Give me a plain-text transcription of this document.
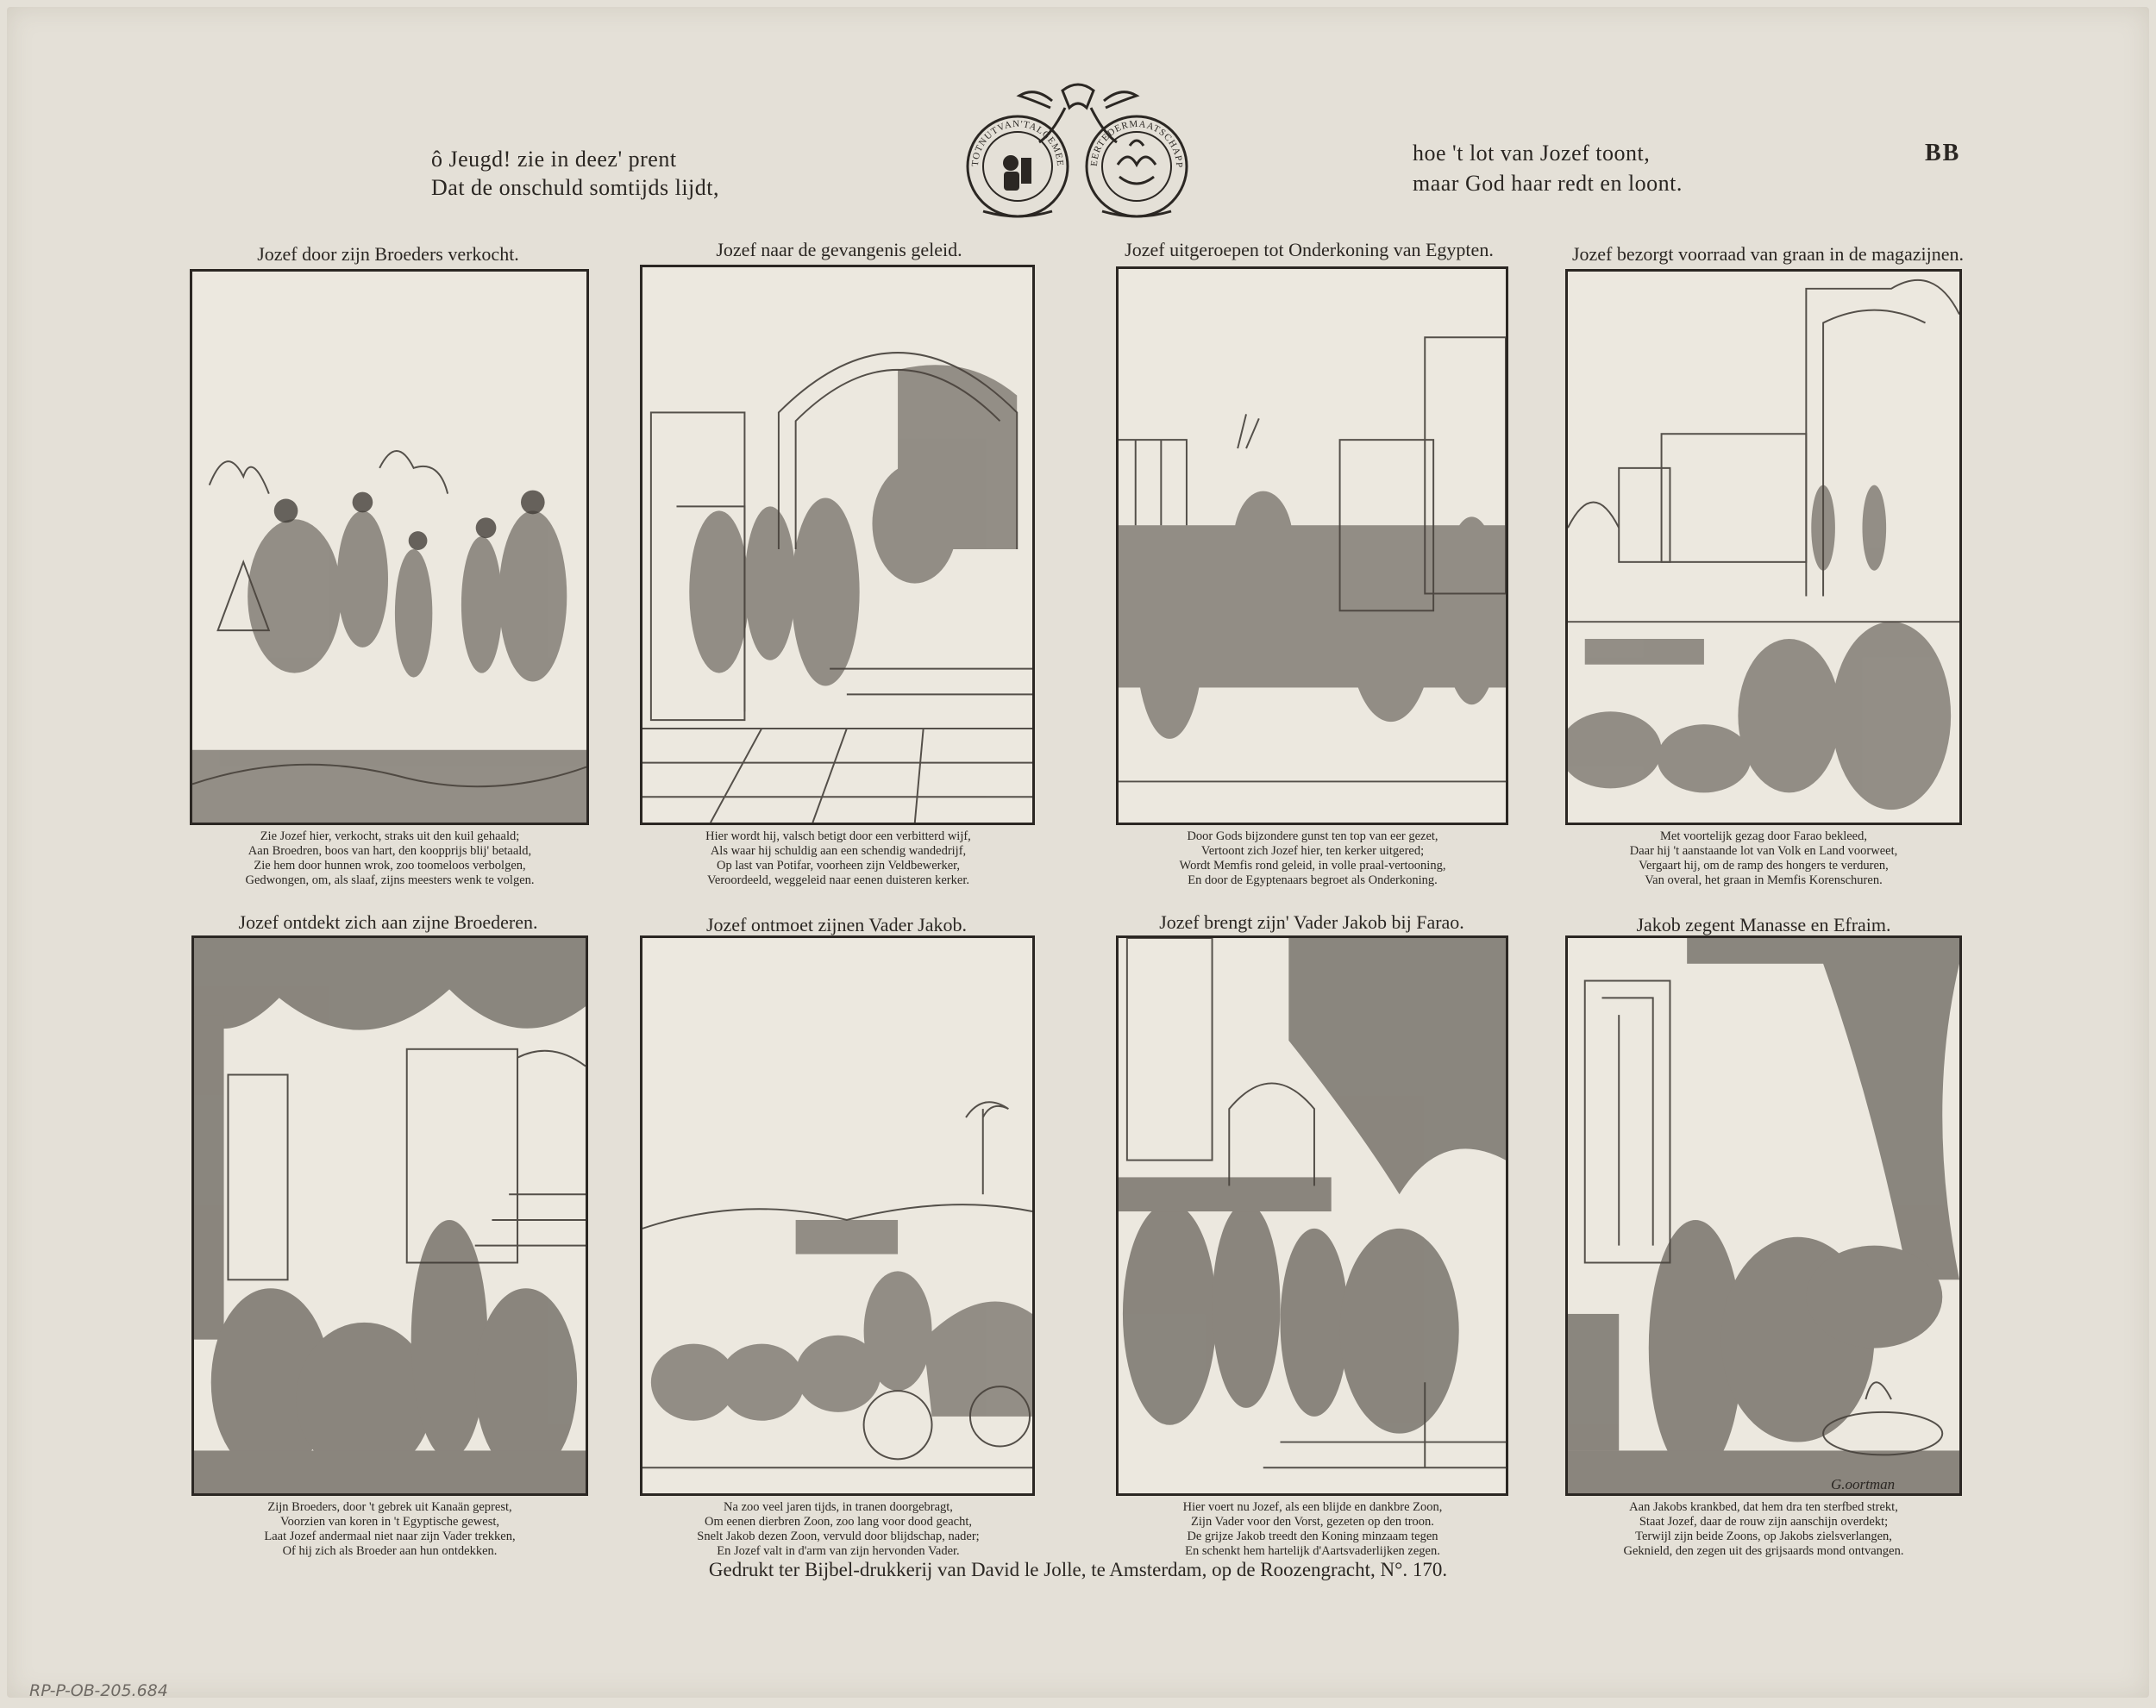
ô Jeugd! zie in deez' prent
Dat de onschuld somtijds lijdt,
hoe 't lot van Jozef toont,
maar God haar redt en loont.
BB
TOTNUTVAN'TALGEMEE	EERTEDERMAATSCHAPP
Jozef door zijn Broeders verkocht.	Jozef naar de gevangenis geleid.	Jozef uitgeroepen tot Onderkoning van Egypten.	Jozef bezorgt voorraad van graan in de magazijnen.
Zie Jozef hier, verkocht, straks uit den kuil gehaald;
Aan Broedren, boos van hart, den koopprijs blij' betaald,
Zie hem door hunnen wrok, zoo toomeloos verbolgen,
Gedwongen, om, als slaaf, zijns meesters wenk te volgen.
Hier wordt hij, valsch betigt door een verbitterd wijf,
Als waar hij schuldig aan een schendig wandedrijf,
Op last van Potifar, voorheen zijn Veldbewerker,
Veroordeeld, weggeleid naar eenen duisteren kerker.
Door Gods bijzondere gunst ten top van eer gezet,
Vertoont zich Jozef hier, ten kerker uitgered;
Wordt Memfis rond geleid, in volle praal-vertooning,
En door de Egyptenaars begroet als Onderkoning.
Met voortelijk gezag door Farao bekleed,
Daar hij 't aanstaande lot van Volk en Land voorweet,
Vergaart hij, om de ramp des hongers te verduren,
Van overal, het graan in Memfis Korenschuren.
Jozef ontdekt zich aan zijne Broederen.	Jozef ontmoet zijnen Vader Jakob.	Jozef brengt zijn' Vader Jakob bij Farao.	Jakob zegent Manasse en Efraim.
G.oortman
Zijn Broeders, door 't gebrek uit Kanaän geprest,
Voorzien van koren in 't Egyptische gewest,
Laat Jozef andermaal niet naar zijn Vader trekken,
Of hij zich als Broeder aan hun ontdekken.
Na zoo veel jaren tijds, in tranen doorgebragt,
Om eenen dierbren Zoon, zoo lang voor dood geacht,
Snelt Jakob dezen Zoon, vervuld door blijdschap, nader;
En Jozef valt in d'arm van zijn hervonden Vader.
Hier voert nu Jozef, als een blijde en dankbre Zoon,
Zijn Vader voor den Vorst, gezeten op den troon.
De grijze Jakob treedt den Koning minzaam tegen
En schenkt hem hartelijk d'Aartsvaderlijken zegen.
Aan Jakobs krankbed, dat hem dra ten sterfbed strekt,
Staat Jozef, daar de rouw zijn aanschijn overdekt;
Terwijl zijn beide Zoons, op Jakobs zielsverlangen,
Geknield, den zegen uit des grijsaards mond ontvangen.
Gedrukt ter Bijbel-drukkerij van David le Jolle, te Amsterdam, op de Roozengracht, N°. 170.
RP-P-OB-205.684
